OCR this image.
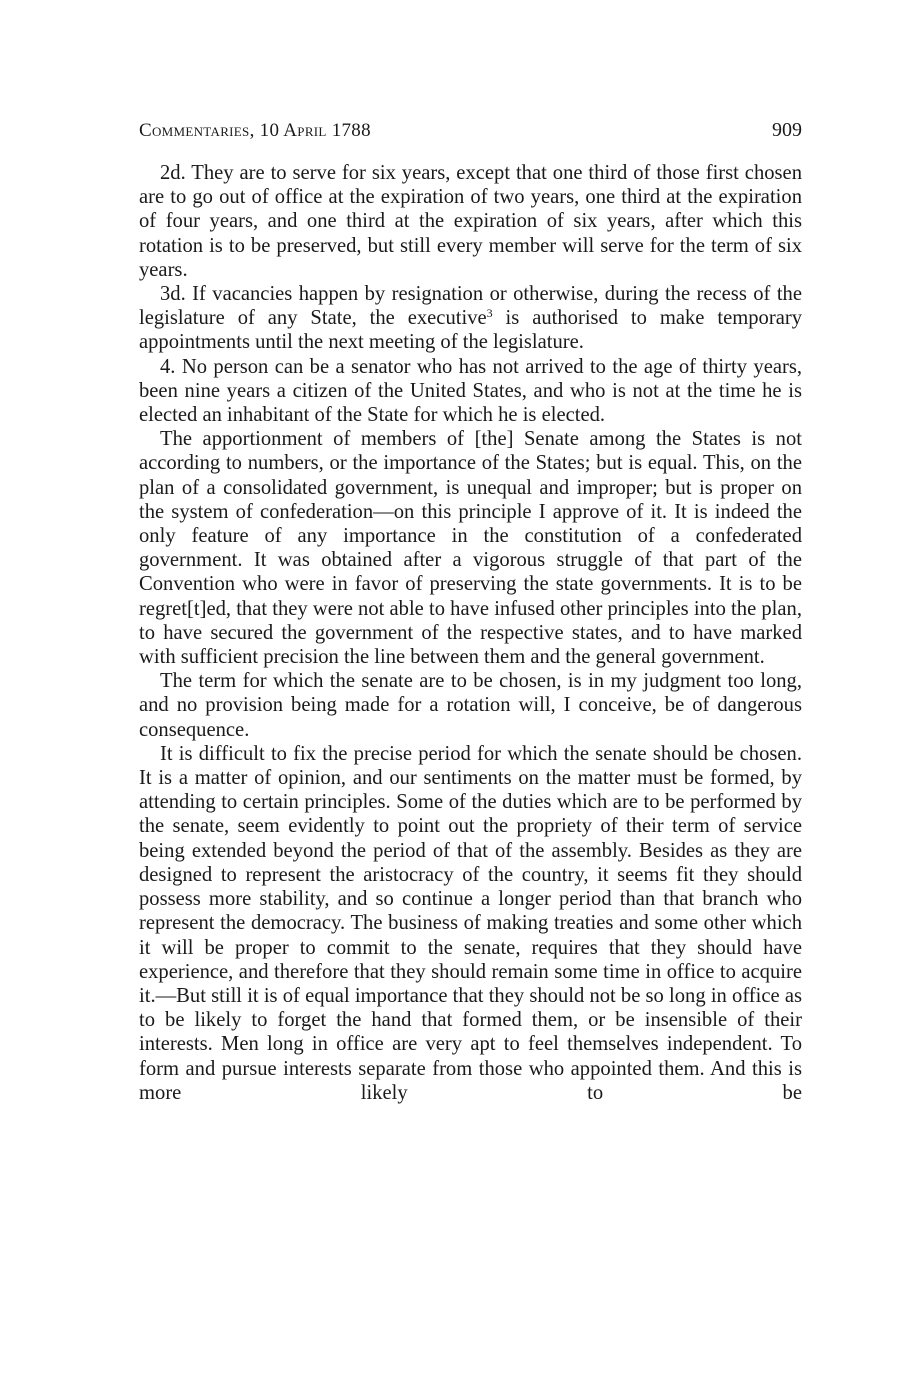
Commentaries, 10 April 1788	909

2d. They are to serve for six years, except that one third of those first chosen are to go out of office at the expiration of two years, one third at the expiration of four years, and one third at the expiration of six years, after which this rotation is to be preserved, but still every member will serve for the term of six years.

3d. If vacancies happen by resignation or otherwise, during the recess of the legislature of any State, the executive$^3$ is authorised to make temporary appointments until the next meeting of the legislature.

4. No person can be a senator who has not arrived to the age of thirty years, been nine years a citizen of the United States, and who is not at the time he is elected an inhabitant of the State for which he is elected.

The apportionment of members of [the] Senate among the States is not according to numbers, or the importance of the States; but is equal. This, on the plan of a consolidated government, is unequal and improper; but is proper on the system of confederation—on this principle I approve of it. It is indeed the only feature of any importance in the constitution of a confederated government. It was obtained after a vigorous struggle of that part of the Convention who were in favor of preserving the state governments. It is to be regret[t]ed, that they were not able to have infused other principles into the plan, to have secured the government of the respective states, and to have marked with sufficient precision the line between them and the general government.

The term for which the senate are to be chosen, is in my judgment too long, and no provision being made for a rotation will, I conceive, be of dangerous consequence.

It is difficult to fix the precise period for which the senate should be chosen. It is a matter of opinion, and our sentiments on the matter must be formed, by attending to certain principles. Some of the duties which are to be performed by the senate, seem evidently to point out the propriety of their term of service being extended beyond the period of that of the assembly. Besides as they are designed to represent the aristocracy of the country, it seems fit they should possess more stability, and so continue a longer period than that branch who represent the democracy. The business of making treaties and some other which it will be proper to commit to the senate, requires that they should have experience, and therefore that they should remain some time in office to acquire it.—But still it is of equal importance that they should not be so long in office as to be likely to forget the hand that formed them, or be insensible of their interests. Men long in office are very apt to feel themselves independent. To form and pursue interests separate from those who appointed them. And this is more likely to be
